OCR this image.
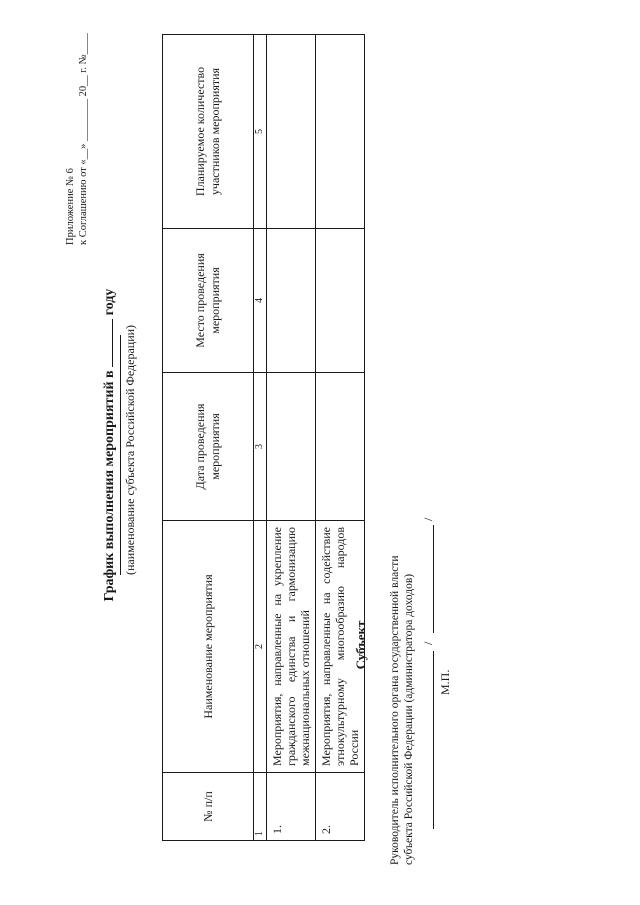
Приложение № 6 к Соглашению от «__» ________ 20__ г. №____
График выполнения мероприятий в  году
(наименование субъекта Российской Федерации)
№ п/п	Наименование мероприятия	Дата проведения мероприятия	Место проведения мероприятия	Планируемое количество участников мероприятия
1	2	3	4	5
1.	Мероприятия, направленные на укрепление гражданского единства и гармонизацию межнациональных отношений			
2.	Мероприятия, направленные на содействие этнокультурному многообразию народов России			
Субъект Руководитель исполнительного органа государственной власти субъекта Российской Федерации (администратора доходов) /
/
М.П.
